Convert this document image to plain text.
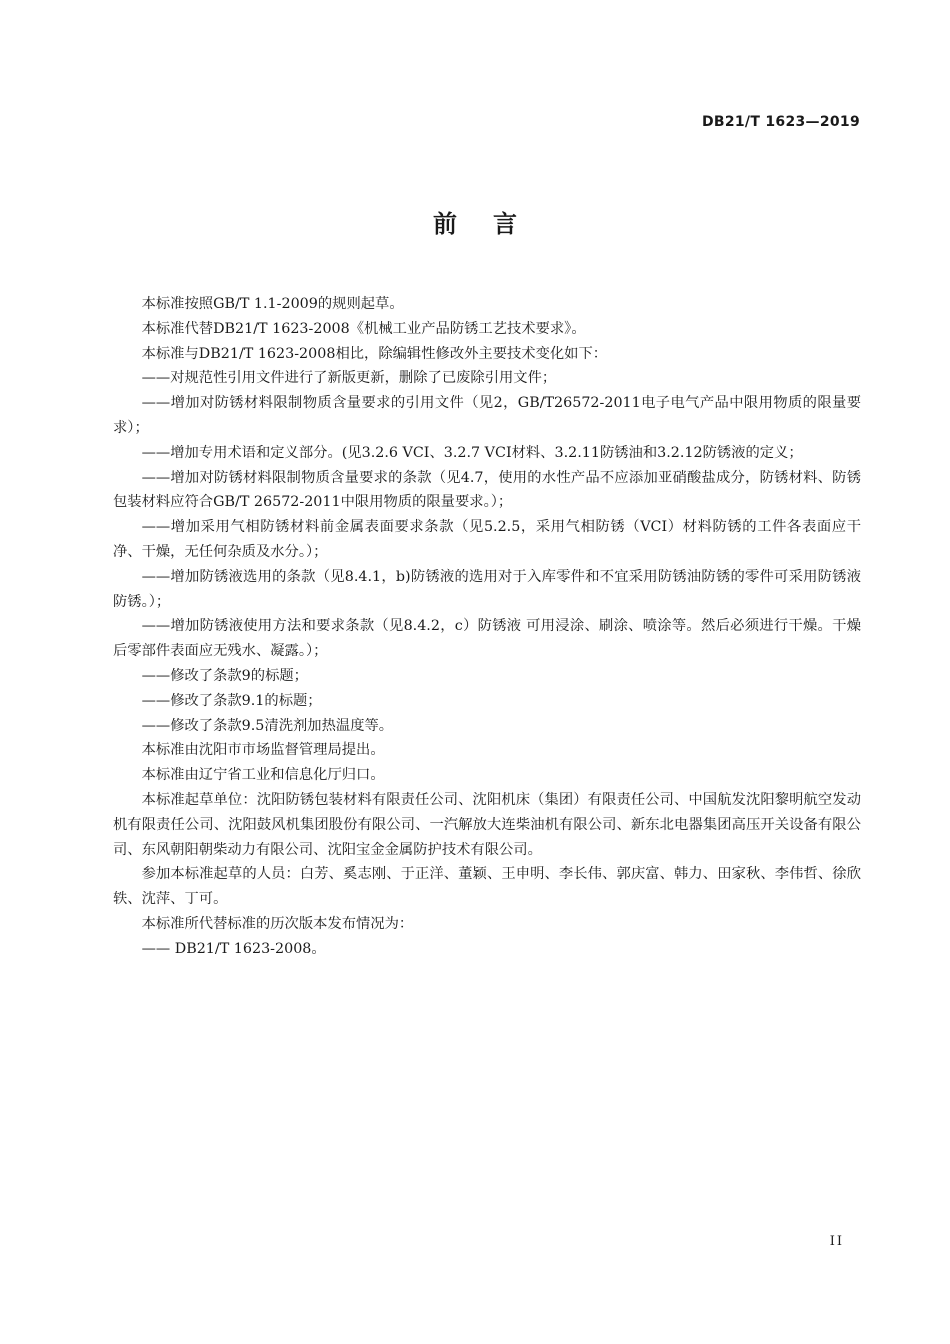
DB21/T 1623—2019
前言

本标准按照GB/T 1.1-2009的规则起草。

本标准代替DB21/T 1623-2008《机械工业产品防锈工艺技术要求》。

本标准与DB21/T 1623-2008相比，除编辑性修改外主要技术变化如下：

——对规范性引用文件进行了新版更新，删除了已废除引用文件；

——增加对防锈材料限制物质含量要求的引用文件（见2，GB/T26572-2011电子电气产品中限用物质的限量要求）；

——增加专用术语和定义部分。(见3.2.6 VCI、3.2.7 VCI材料、3.2.11防锈油和3.2.12防锈液的定义；

——增加对防锈材料限制物质含量要求的条款（见4.7，使用的水性产品不应添加亚硝酸盐成分，防锈材料、防锈包装材料应符合GB/T 26572-2011中限用物质的限量要求。）；

——增加采用气相防锈材料前金属表面要求条款（见5.2.5，采用气相防锈（VCI）材料防锈的工件各表面应干净、干燥，无任何杂质及水分。）；

——增加防锈液选用的条款（见8.4.1，b)防锈液的选用对于入库零件和不宜采用防锈油防锈的零件可采用防锈液防锈。）；

——增加防锈液使用方法和要求条款（见8.4.2，c）防锈液 可用浸涂、刷涂、喷涂等。然后必须进行干燥。干燥后零部件表面应无残水、凝露。）；

——修改了条款9的标题；

——修改了条款9.1的标题；

——修改了条款9.5清洗剂加热温度等。

本标准由沈阳市市场监督管理局提出。

本标准由辽宁省工业和信息化厅归口。

本标准起草单位：沈阳防锈包装材料有限责任公司、沈阳机床（集团）有限责任公司、中国航发沈阳黎明航空发动机有限责任公司、沈阳鼓风机集团股份有限公司、一汽解放大连柴油机有限公司、新东北电器集团高压开关设备有限公司、东风朝阳朝柴动力有限公司、沈阳宝金金属防护技术有限公司。

参加本标准起草的人员：白芳、奚志刚、于正洋、董颖、王申明、李长伟、郭庆富、韩力、田家秋、李伟哲、徐欣轶、沈萍、丁可。

本标准所代替标准的历次版本发布情况为：

—— DB21/T 1623-2008。

II
